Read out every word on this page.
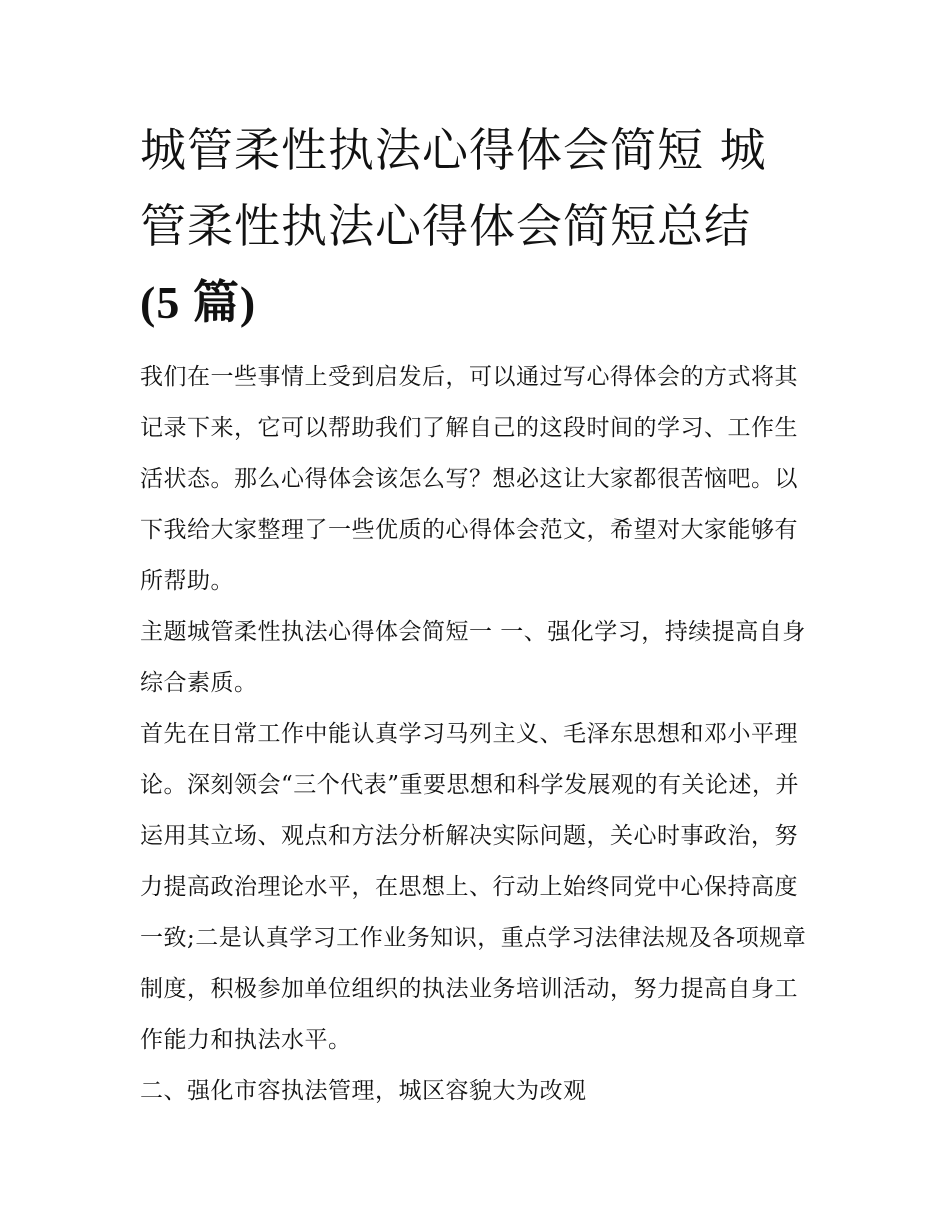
城管柔性执法心得体会简短 城
管柔性执法心得体会简短总结
(5 篇)

我们在一些事情上受到启发后，可以通过写心得体会的方式将其记录下来，它可以帮助我们了解自己的这段时间的学习、工作生活状态。那么心得体会该怎么写？想必这让大家都很苦恼吧。以下我给大家整理了一些优质的心得体会范文，希望对大家能够有所帮助。

主题城管柔性执法心得体会简短一 一、强化学习，持续提高自身综合素质。

首先在日常工作中能认真学习马列主义、毛泽东思想和邓小平理论。深刻领会“三个代表”重要思想和科学发展观的有关论述，并运用其立场、观点和方法分析解决实际问题，关心时事政治，努力提高政治理论水平，在思想上、行动上始终同党中心保持高度一致;二是认真学习工作业务知识，重点学习法律法规及各项规章制度，积极参加单位组织的执法业务培训活动，努力提高自身工作能力和执法水平。

二、强化市容执法管理，城区容貌大为改观
